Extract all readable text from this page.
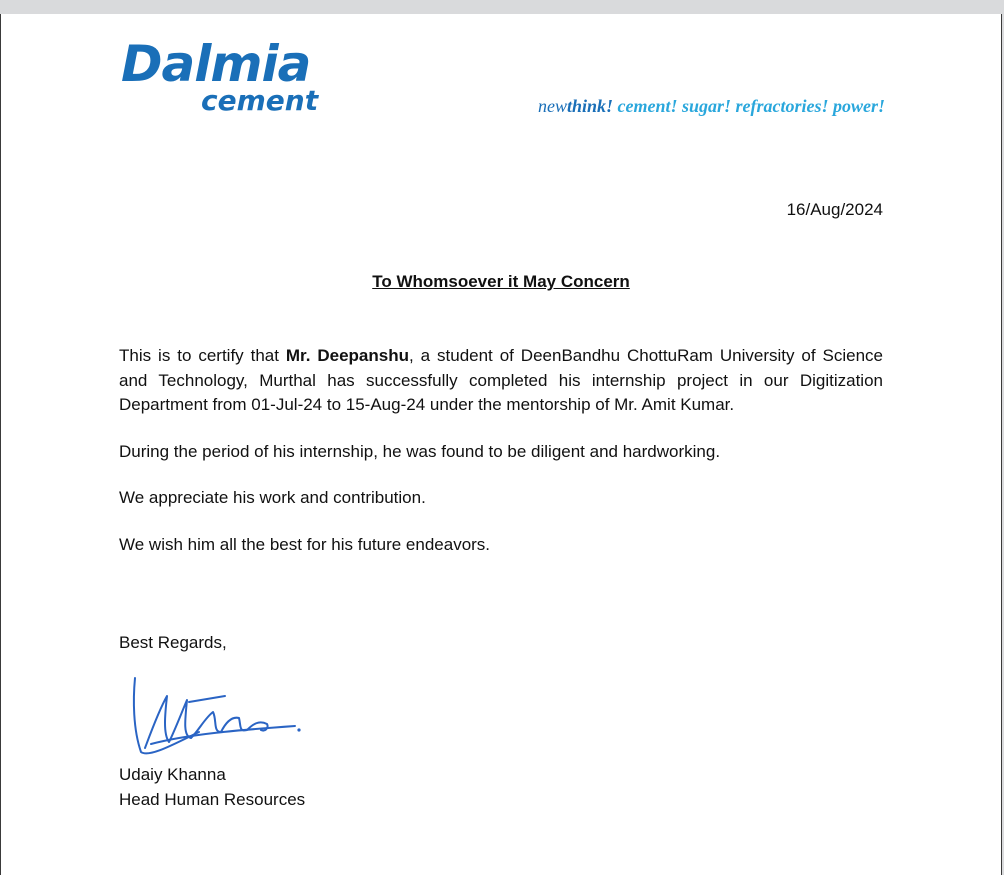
Dalmia
cement	newthink! cement! sugar! refractories! power!
16/Aug/2024
To Whomsoever it May Concern

This is to certify that Mr. Deepanshu, a student of DeenBandhu ChottuRam University of Science and Technology, Murthal has successfully completed his internship project in our Digitization Department from 01-Jul-24 to 15-Aug-24 under the mentorship of Mr. Amit Kumar.

During the period of his internship, he was found to be diligent and hardworking.

We appreciate his work and contribution.

We wish him all the best for his future endeavors.

Best Regards,
Udaiy Khanna
Head Human Resources
